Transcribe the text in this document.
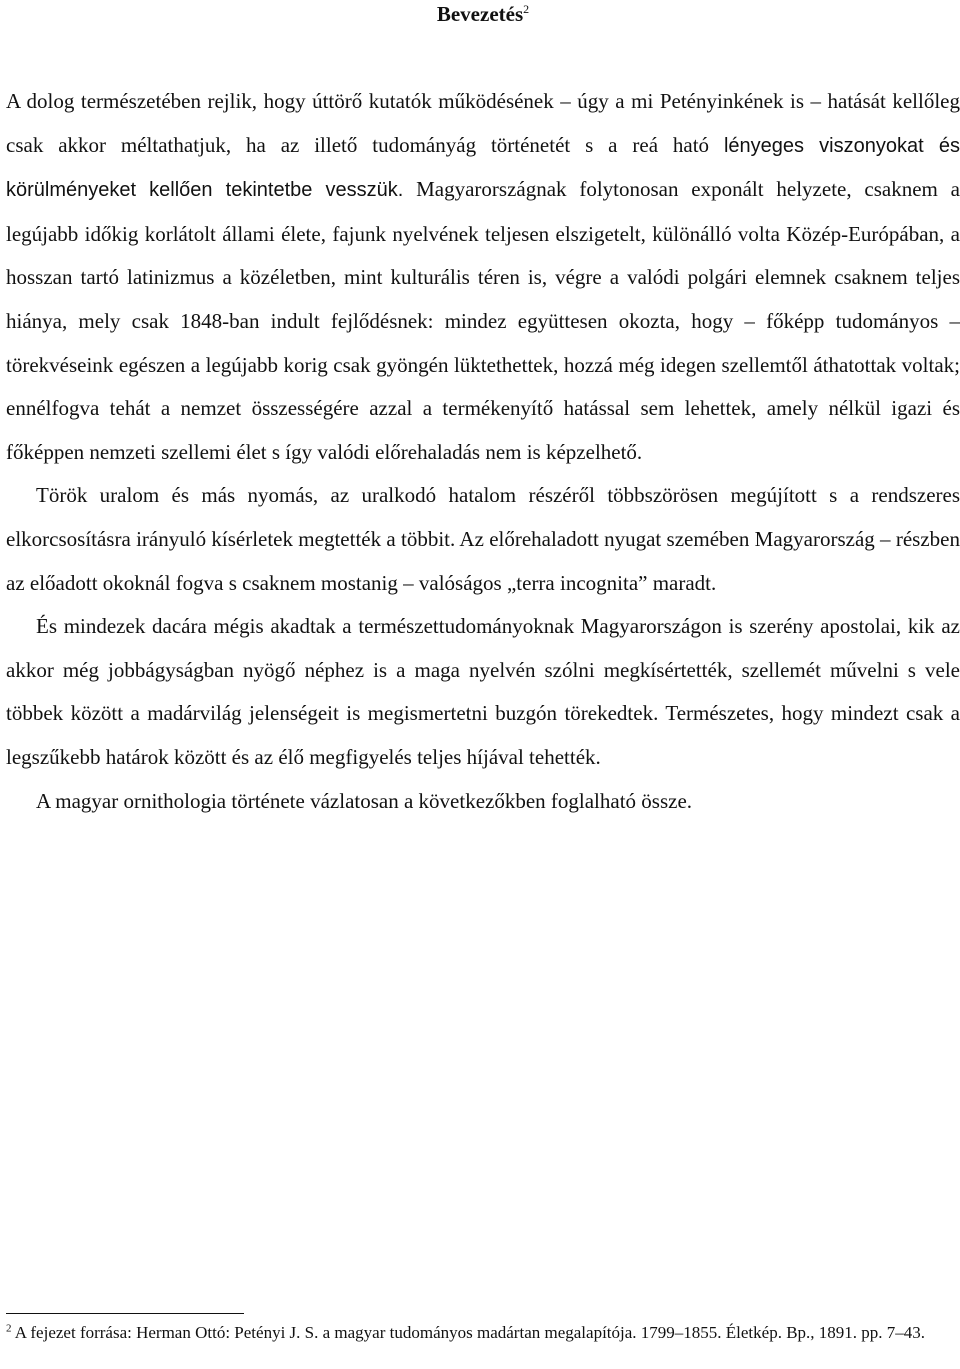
Bevezetés$^2$

A dolog természetében rejlik, hogy úttörő kutatók működésének – úgy a mi Petényinkének is – hatását kellőleg csak akkor méltathatjuk, ha az illető tudományág történetét s a reá ható lényeges viszonyokat és körülményeket kellően tekintetbe vesszük. Magyarországnak folytonosan exponált helyzete, csaknem a legújabb időkig korlátolt állami élete, fajunk nyelvének teljesen elszigetelt, különálló volta Közép-Európában, a hosszan tartó latinizmus a közéletben, mint kulturális téren is, végre a valódi polgári elemnek csaknem teljes hiánya, mely csak 1848-ban indult fejlődésnek: mindez együttesen okozta, hogy – főképp tudományos – törekvéseink egészen a legújabb korig csak gyöngén lüktethettek, hozzá még idegen szellemtől áthatottak voltak; ennélfogva tehát a nemzet összességére azzal a termékenyítő hatással sem lehettek, amely nélkül igazi és főképpen nemzeti szellemi élet s így valódi előrehaladás nem is képzelhető.

Török uralom és más nyomás, az uralkodó hatalom részéről többszörösen megújított s a rendszeres elkorcsosításra irányuló kísérletek megtették a többit. Az előrehaladott nyugat szemében Magyarország – részben az előadott okoknál fogva s csaknem mostanig – valóságos „terra incognita” maradt.

És mindezek dacára mégis akadtak a természettudományoknak Magyarországon is szerény apostolai, kik az akkor még jobbágyságban nyögő néphez is a maga nyelvén szólni megkísértették, szellemét művelni s vele többek között a madárvilág jelenségeit is megismertetni buzgón törekedtek. Természetes, hogy mindezt csak a legszűkebb határok között és az élő megfigyelés teljes híjával tehették.

A magyar ornithologia története vázlatosan a következőkben foglalható össze.

$^2$ A fejezet forrása: Herman Ottó: Petényi J. S. a magyar tudományos madártan megalapítója. 1799–1855. Életkép. Bp., 1891. pp. 7–43.
